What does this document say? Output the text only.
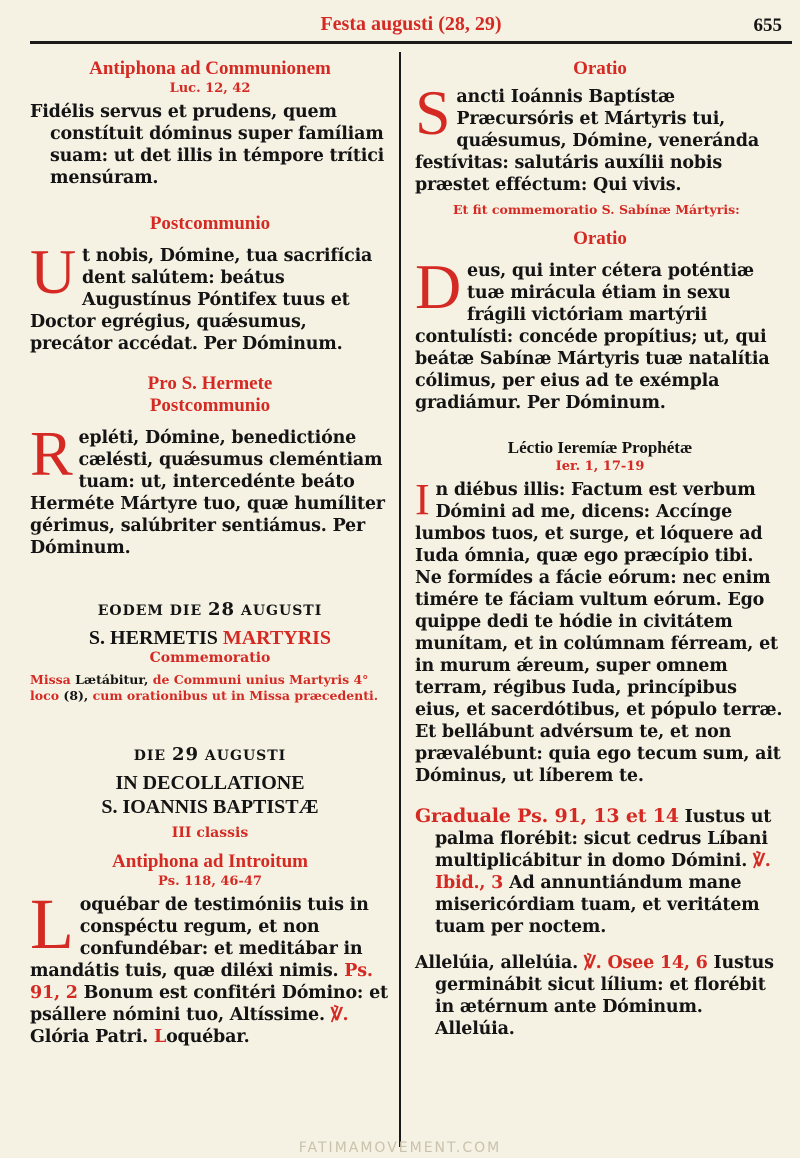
Festa augusti (28, 29)	655

Antiphona ad Communionem

Luc. 12, 42

Fidélis servus et prudens, quem constítuit dóminus super famíliam suam: ut det illis in témpore trítici mensúram.

Postcommunio

Ut nobis, Dómine, tua sacrifícia dent salútem: beátus Augustínus Póntifex tuus et Doctor egrégius, quǽsumus, precátor accédat. Per Dóminum.

Pro S. Hermete

Postcommunio

Repléti, Dómine, benedictióne cælésti, quǽsumus cleméntiam tuam: ut, intercedénte beáto Herméte Mártyre tuo, quæ humíliter gérimus, salúbriter sentiámus. Per Dóminum.

EODEM DIE 28 AUGUSTI

S. HERMETIS MARTYRIS

Commemoratio

Missa Lætábitur, de Communi unius Martyris 4° loco (8), cum orationibus ut in Missa præcedenti.

DIE 29 AUGUSTI

IN DECOLLATIONE

S. IOANNIS BAPTISTÆ

III classis

Antiphona ad Introitum

Ps. 118, 46-47

Loquébar de testimóniis tuis in conspéctu regum, et non confundébar: et meditábar in mandátis tuis, quæ diléxi nimis. Ps. 91, 2 Bonum est confitéri Dómino: et psállere nómini tuo, Altíssime. ℣. Glória Patri. Loquébar.

Oratio

Sancti Ioánnis Baptístæ Præcursóris et Mártyris tui, quǽsumus, Dómine, veneránda festívitas: salutáris auxílii nobis præstet efféctum: Qui vivis.

Et fit commemoratio S. Sabínæ Mártyris:

Oratio

Deus, qui inter cétera poténtiæ tuæ mirácula étiam in sexu frágili victóriam martýrii contulísti: concéde propítius; ut, qui beátæ Sabínæ Mártyris tuæ natalítia cólimus, per eius ad te exémpla gradiámur. Per Dóminum.

Léctio Ieremíæ Prophétæ

Ier. 1, 17-19

In diébus illis: Factum est verbum Dómini ad me, dicens: Accínge lumbos tuos, et surge, et lóquere ad Iuda ómnia, quæ ego præcípio tibi. Ne formídes a fácie eórum: nec enim timére te fáciam vultum eórum. Ego quippe dedi te hódie in civitátem munítam, et in colúmnam férream, et in murum ǽreum, super omnem terram, régibus Iuda, princípibus eius, et sacerdótibus, et pópulo terræ. Et bellábunt advérsum te, et non prævalébunt: quia ego tecum sum, ait Dóminus, ut líberem te.

Graduale Ps. 91, 13 et 14 Iustus ut palma florébit: sicut cedrus Líbani multiplicábitur in domo Dómini. ℣. Ibid., 3 Ad annuntiándum mane misericórdiam tuam, et veritátem tuam per noctem.

Allelúia, allelúia. ℣. Osee 14, 6 Iustus germinábit sicut lílium: et florébit in ætérnum ante Dóminum. Allelúia.

FATIMAMOVEMENT.COM
